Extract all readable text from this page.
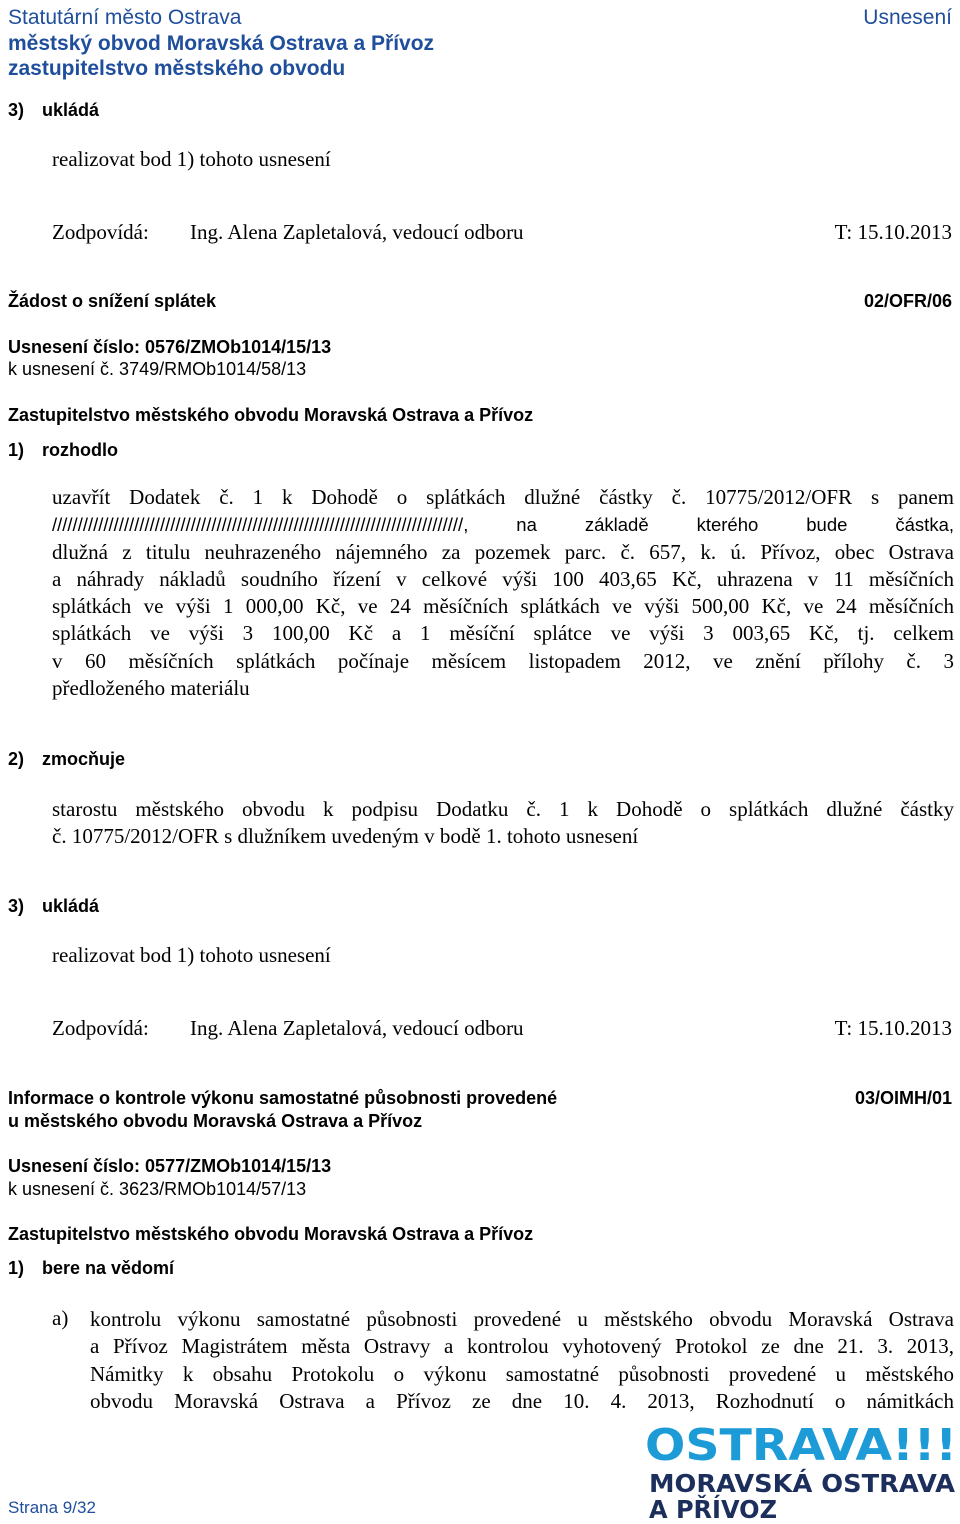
Statutární město Ostrava	Usnesení
městský obvod Moravská Ostrava a Přívoz
zastupitelstvo městského obvodu
3) ukládá
realizovat bod 1) tohoto usnesení
Zodpovídá: Ing. Alena Zapletalová, vedoucí odboru	T: 15.10.2013
Žádost o snížení splátek	02/OFR/06
Usnesení číslo: 0576/ZMOb1014/15/13
k usnesení č. 3749/RMOb1014/58/13
Zastupitelstvo městského obvodu Moravská Ostrava a Přívoz
1) rozhodlo
uzavřít Dodatek č. 1 k Dohodě o splátkách dlužné částky č. 10775/2012/OFR s panem
////////////////////////////////////////////////////////////////////////////////, na základě kterého bude částka,
dlužná z titulu neuhrazeného nájemného za pozemek parc. č. 657, k. ú. Přívoz, obec Ostrava
a náhrady nákladů soudního řízení v celkové výši 100 403,65 Kč, uhrazena v 11 měsíčních
splátkách ve výši 1 000,00 Kč, ve 24 měsíčních splátkách ve výši 500,00 Kč, ve 24 měsíčních
splátkách ve výši 3 100,00 Kč a 1 měsíční splátce ve výši 3 003,65 Kč, tj. celkem
v 60 měsíčních splátkách počínaje měsícem listopadem 2012, ve znění přílohy č. 3
předloženého materiálu
2) zmocňuje
starostu městského obvodu k podpisu Dodatku č. 1 k Dohodě o splátkách dlužné částky
č. 10775/2012/OFR s dlužníkem uvedeným v bodě 1. tohoto usnesení
3) ukládá
realizovat bod 1) tohoto usnesení
Zodpovídá: Ing. Alena Zapletalová, vedoucí odboru	T: 15.10.2013
Informace o kontrole výkonu samostatné působnosti provedené
u městského obvodu Moravská Ostrava a Přívoz
03/OIMH/01
Usnesení číslo: 0577/ZMOb1014/15/13
k usnesení č. 3623/RMOb1014/57/13
Zastupitelstvo městského obvodu Moravská Ostrava a Přívoz
1) bere na vědomí
a) kontrolu výkonu samostatné působnosti provedené u městského obvodu Moravská Ostrava
a Přívoz Magistrátem města Ostravy a kontrolou vyhotovený Protokol ze dne 21. 3. 2013,
Námitky k obsahu Protokolu o výkonu samostatné působnosti provedené u městského
obvodu Moravská Ostrava a Přívoz ze dne 10. 4. 2013, Rozhodnutí o námitkách
Strana 9/32
OSTRAVA!!!
MORAVSKÁ OSTRAVA
A PŘÍVOZ
